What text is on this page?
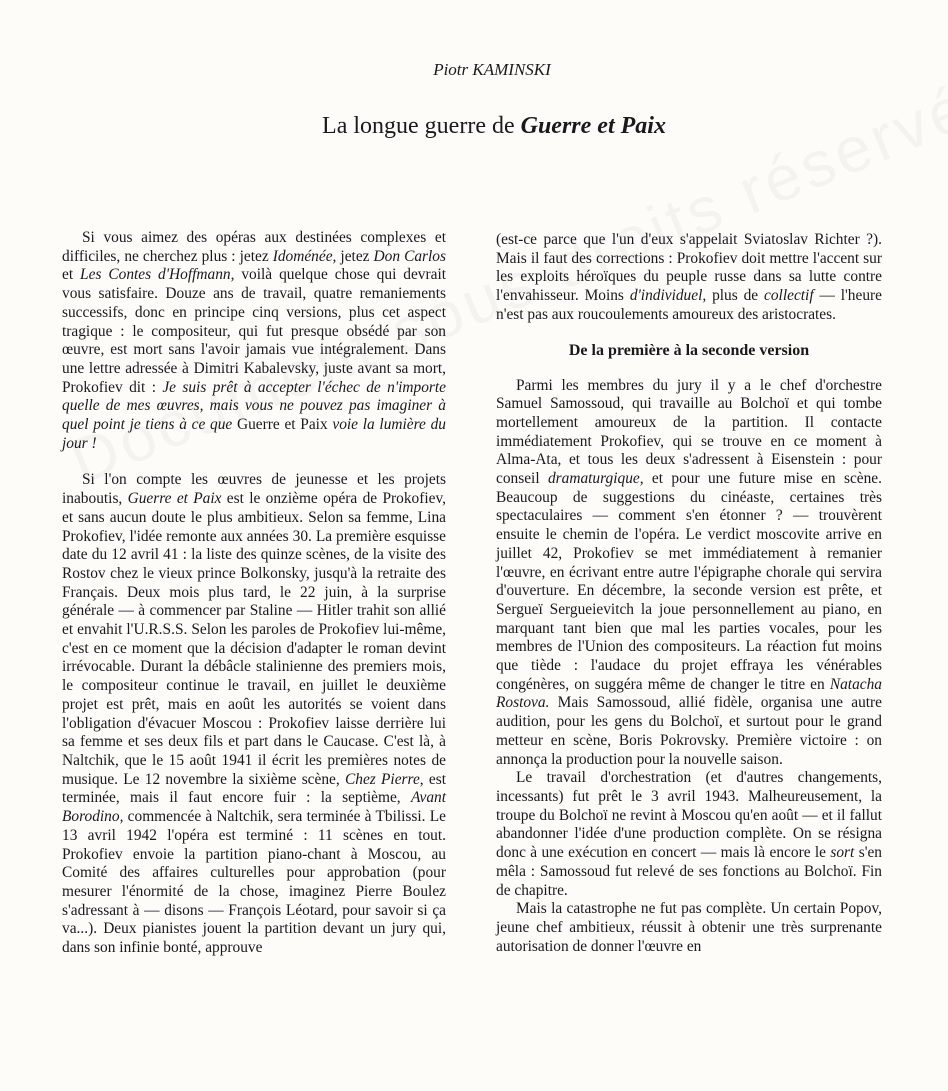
Piotr KAMINSKI
La longue guerre de Guerre et Paix

Si vous aimez des opéras aux destinées complexes et difficiles, ne cherchez plus : jetez Idoménée, jetez Don Carlos et Les Contes d'Hoffmann, voilà quelque chose qui devrait vous satisfaire. Douze ans de travail, quatre remaniements successifs, donc en principe cinq versions, plus cet aspect tragique : le compositeur, qui fut presque obsédé par son œuvre, est mort sans l'avoir jamais vue intégralement. Dans une lettre adressée à Dimitri Kabalevsky, juste avant sa mort, Prokofiev dit : Je suis prêt à accepter l'échec de n'importe quelle de mes œuvres, mais vous ne pouvez pas imaginer à quel point je tiens à ce que Guerre et Paix voie la lumière du jour !

Si l'on compte les œuvres de jeunesse et les projets inaboutis, Guerre et Paix est le onzième opéra de Prokofiev, et sans aucun doute le plus ambitieux. Selon sa femme, Lina Prokofiev, l'idée remonte aux années 30. La première esquisse date du 12 avril 41 : la liste des quinze scènes, de la visite des Rostov chez le vieux prince Bolkonsky, jusqu'à la retraite des Français. Deux mois plus tard, le 22 juin, à la surprise générale — à commencer par Staline — Hitler trahit son allié et envahit l'U.R.S.S. Selon les paroles de Prokofiev lui-même, c'est en ce moment que la décision d'adapter le roman devint irrévocable. Durant la débâcle stalinienne des premiers mois, le compositeur continue le travail, en juillet le deuxième projet est prêt, mais en août les autorités se voient dans l'obligation d'évacuer Moscou : Prokofiev laisse derrière lui sa femme et ses deux fils et part dans le Caucase. C'est là, à Naltchik, que le 15 août 1941 il écrit les premières notes de musique. Le 12 novembre la sixième scène, Chez Pierre, est terminée, mais il faut encore fuir : la septième, Avant Borodino, commencée à Naltchik, sera terminée à Tbilissi. Le 13 avril 1942 l'opéra est terminé : 11 scènes en tout. Prokofiev envoie la partition piano-chant à Moscou, au Comité des affaires culturelles pour approbation (pour mesurer l'énormité de la chose, imaginez Pierre Boulez s'adressant à — disons — François Léotard, pour savoir si ça va...). Deux pianistes jouent la partition devant un jury qui, dans son infinie bonté, approuve

(est-ce parce que l'un d'eux s'appelait Sviatoslav Richter ?). Mais il faut des corrections : Prokofiev doit mettre l'accent sur les exploits héroïques du peuple russe dans sa lutte contre l'envahisseur. Moins d'individuel, plus de collectif — l'heure n'est pas aux roucoulements amoureux des aristocrates.

De la première à la seconde version

Parmi les membres du jury il y a le chef d'orchestre Samuel Samossoud, qui travaille au Bolchoï et qui tombe mortellement amoureux de la partition. Il contacte immédiatement Prokofiev, qui se trouve en ce moment à Alma-Ata, et tous les deux s'adressent à Eisenstein : pour conseil dramaturgique, et pour une future mise en scène. Beaucoup de suggestions du cinéaste, certaines très spectaculaires — comment s'en étonner ? — trouvèrent ensuite le chemin de l'opéra. Le verdict moscovite arrive en juillet 42, Prokofiev se met immédiatement à remanier l'œuvre, en écrivant entre autre l'épigraphe chorale qui servira d'ouverture. En décembre, la seconde version est prête, et Sergueï Sergueievitch la joue personnellement au piano, en marquant tant bien que mal les parties vocales, pour les membres de l'Union des compositeurs. La réaction fut moins que tiède : l'audace du projet effraya les vénérables congénères, on suggéra même de changer le titre en Natacha Rostova. Mais Samossoud, allié fidèle, organisa une autre audition, pour les gens du Bolchoï, et surtout pour le grand metteur en scène, Boris Pokrovsky. Première victoire : on annonça la production pour la nouvelle saison.

Le travail d'orchestration (et d'autres changements, incessants) fut prêt le 3 avril 1943. Malheureusement, la troupe du Bolchoï ne revint à Moscou qu'en août — et il fallut abandonner l'idée d'une production complète. On se résigna donc à une exécution en concert — mais là encore le sort s'en mêla : Samossoud fut relevé de ses fonctions au Bolchoï. Fin de chapitre.

Mais la catastrophe ne fut pas complète. Un certain Popov, jeune chef ambitieux, réussit à obtenir une très surprenante autorisation de donner l'œuvre en
